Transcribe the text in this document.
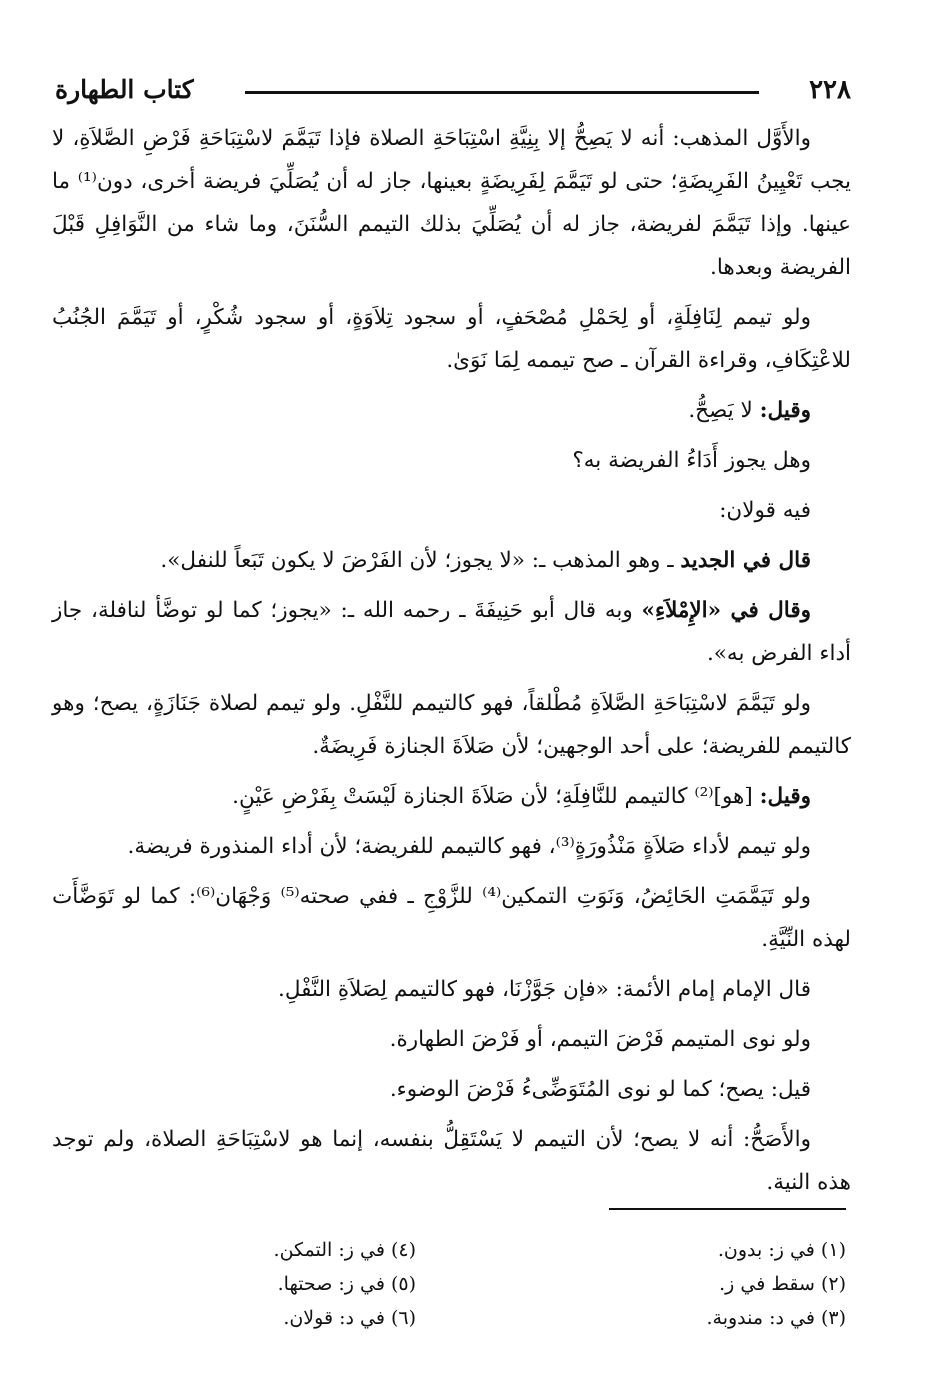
٢٢٨
كتاب الطهارة

والأَوَّل المذهب: أنه لا يَصِحُّ إلا بِنِيَّةِ اسْتِبَاحَةِ الصلاة فإذا تَيَمَّمَ لاسْتِبَاحَةِ فَرْضِ الصَّلاَةِ، لا يجب تَعْيِينُ الفَرِيضَةِ؛ حتى لو تَيَمَّمَ لِفَرِيضَةٍ بعينها، جاز له أن يُصَلِّيَ فريضة أخرى، دون⁽¹⁾ ما عينها. وإذا تَيَمَّمَ لفريضة، جاز له أن يُصَلِّيَ بذلك التيمم السُّنَنَ، وما شاء من النَّوَافِلِ قَبْلَ الفريضة وبعدها.

ولو تيمم لِنَافِلَةٍ، أو لِحَمْلِ مُصْحَفٍ، أو سجود تِلاَوَةٍ، أو سجود شُكْرٍ، أو تَيَمَّمَ الجُنُبُ للاعْتِكَافِ، وقراءة القرآن ـ صح تيممه لِمَا نَوَىٰ.

وقيل: لا يَصِحُّ.

وهل يجوز أَدَاءُ الفريضة به؟

فيه قولان:

قال في الجديد ـ وهو المذهب ـ: «لا يجوز؛ لأن الفَرْضَ لا يكون تَبَعاً للنفل».

وقال في «الإِمْلاَءِ» وبه قال أبو حَنِيفَةَ ـ رحمه الله ـ: «يجوز؛ كما لو توضَّأ لنافلة، جاز أداء الفرض به».

ولو تَيَمَّمَ لاسْتِبَاحَةِ الصَّلاَةِ مُطْلقاً، فهو كالتيمم للنَّفْلِ. ولو تيمم لصلاة جَنَازَةٍ، يصح؛ وهو كالتيمم للفريضة؛ على أحد الوجهين؛ لأن صَلاَةَ الجنازة فَرِيضَةٌ.

وقيل: [هو]⁽²⁾ كالتيمم للنَّافِلَةِ؛ لأن صَلاَةَ الجنازة لَيْسَتْ بِفَرْضِ عَيْنٍ.

ولو تيمم لأداء صَلاَةٍ مَنْذُورَةٍ⁽³⁾، فهو كالتيمم للفريضة؛ لأن أداء المنذورة فريضة.

ولو تَيَمَّمَتِ الحَائِضُ، وَنَوَتِ التمكين⁽⁴⁾ للزَّوْجِ ـ ففي صحته⁽⁵⁾ وَجْهَان⁽⁶⁾: كما لو تَوَضَّأَت لهذه النِّيَّةِ.

قال الإمام إمام الأئمة: «فإن جَوَّزْنَا، فهو كالتيمم لِصَلاَةِ النَّفْلِ.

ولو نوى المتيمم فَرْضَ التيمم، أو فَرْضَ الطهارة.

قيل: يصح؛ كما لو نوى المُتَوَضِّىءُ فَرْضَ الوضوء.

والأَصَحُّ: أنه لا يصح؛ لأن التيمم لا يَسْتَقِلُّ بنفسه، إنما هو لاسْتِبَاحَةِ الصلاة، ولم توجد هذه النية.

(١) في ز: بدون.
(٢) سقط في ز.
(٣) في د: مندوبة.
(٤) في ز: التمكن.
(٥) في ز: صحتها.
(٦) في د: قولان.
